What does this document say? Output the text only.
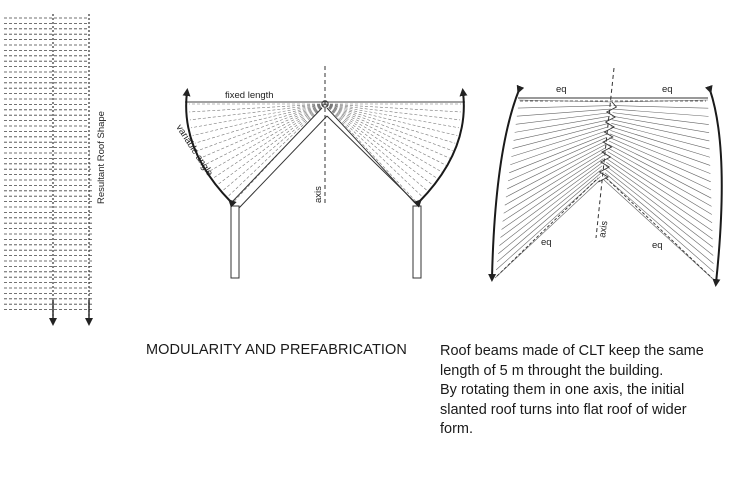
Resultant Roof Shape
fixed length
axis
variable angle
eq	eq
eq	eq
axis
MODULARITY AND PREFABRICATION Roof beams made of CLT keep the same
length of 5 m throught the building.
By rotating them in one axis, the initial
slanted roof turns into flat roof of wider
form.
